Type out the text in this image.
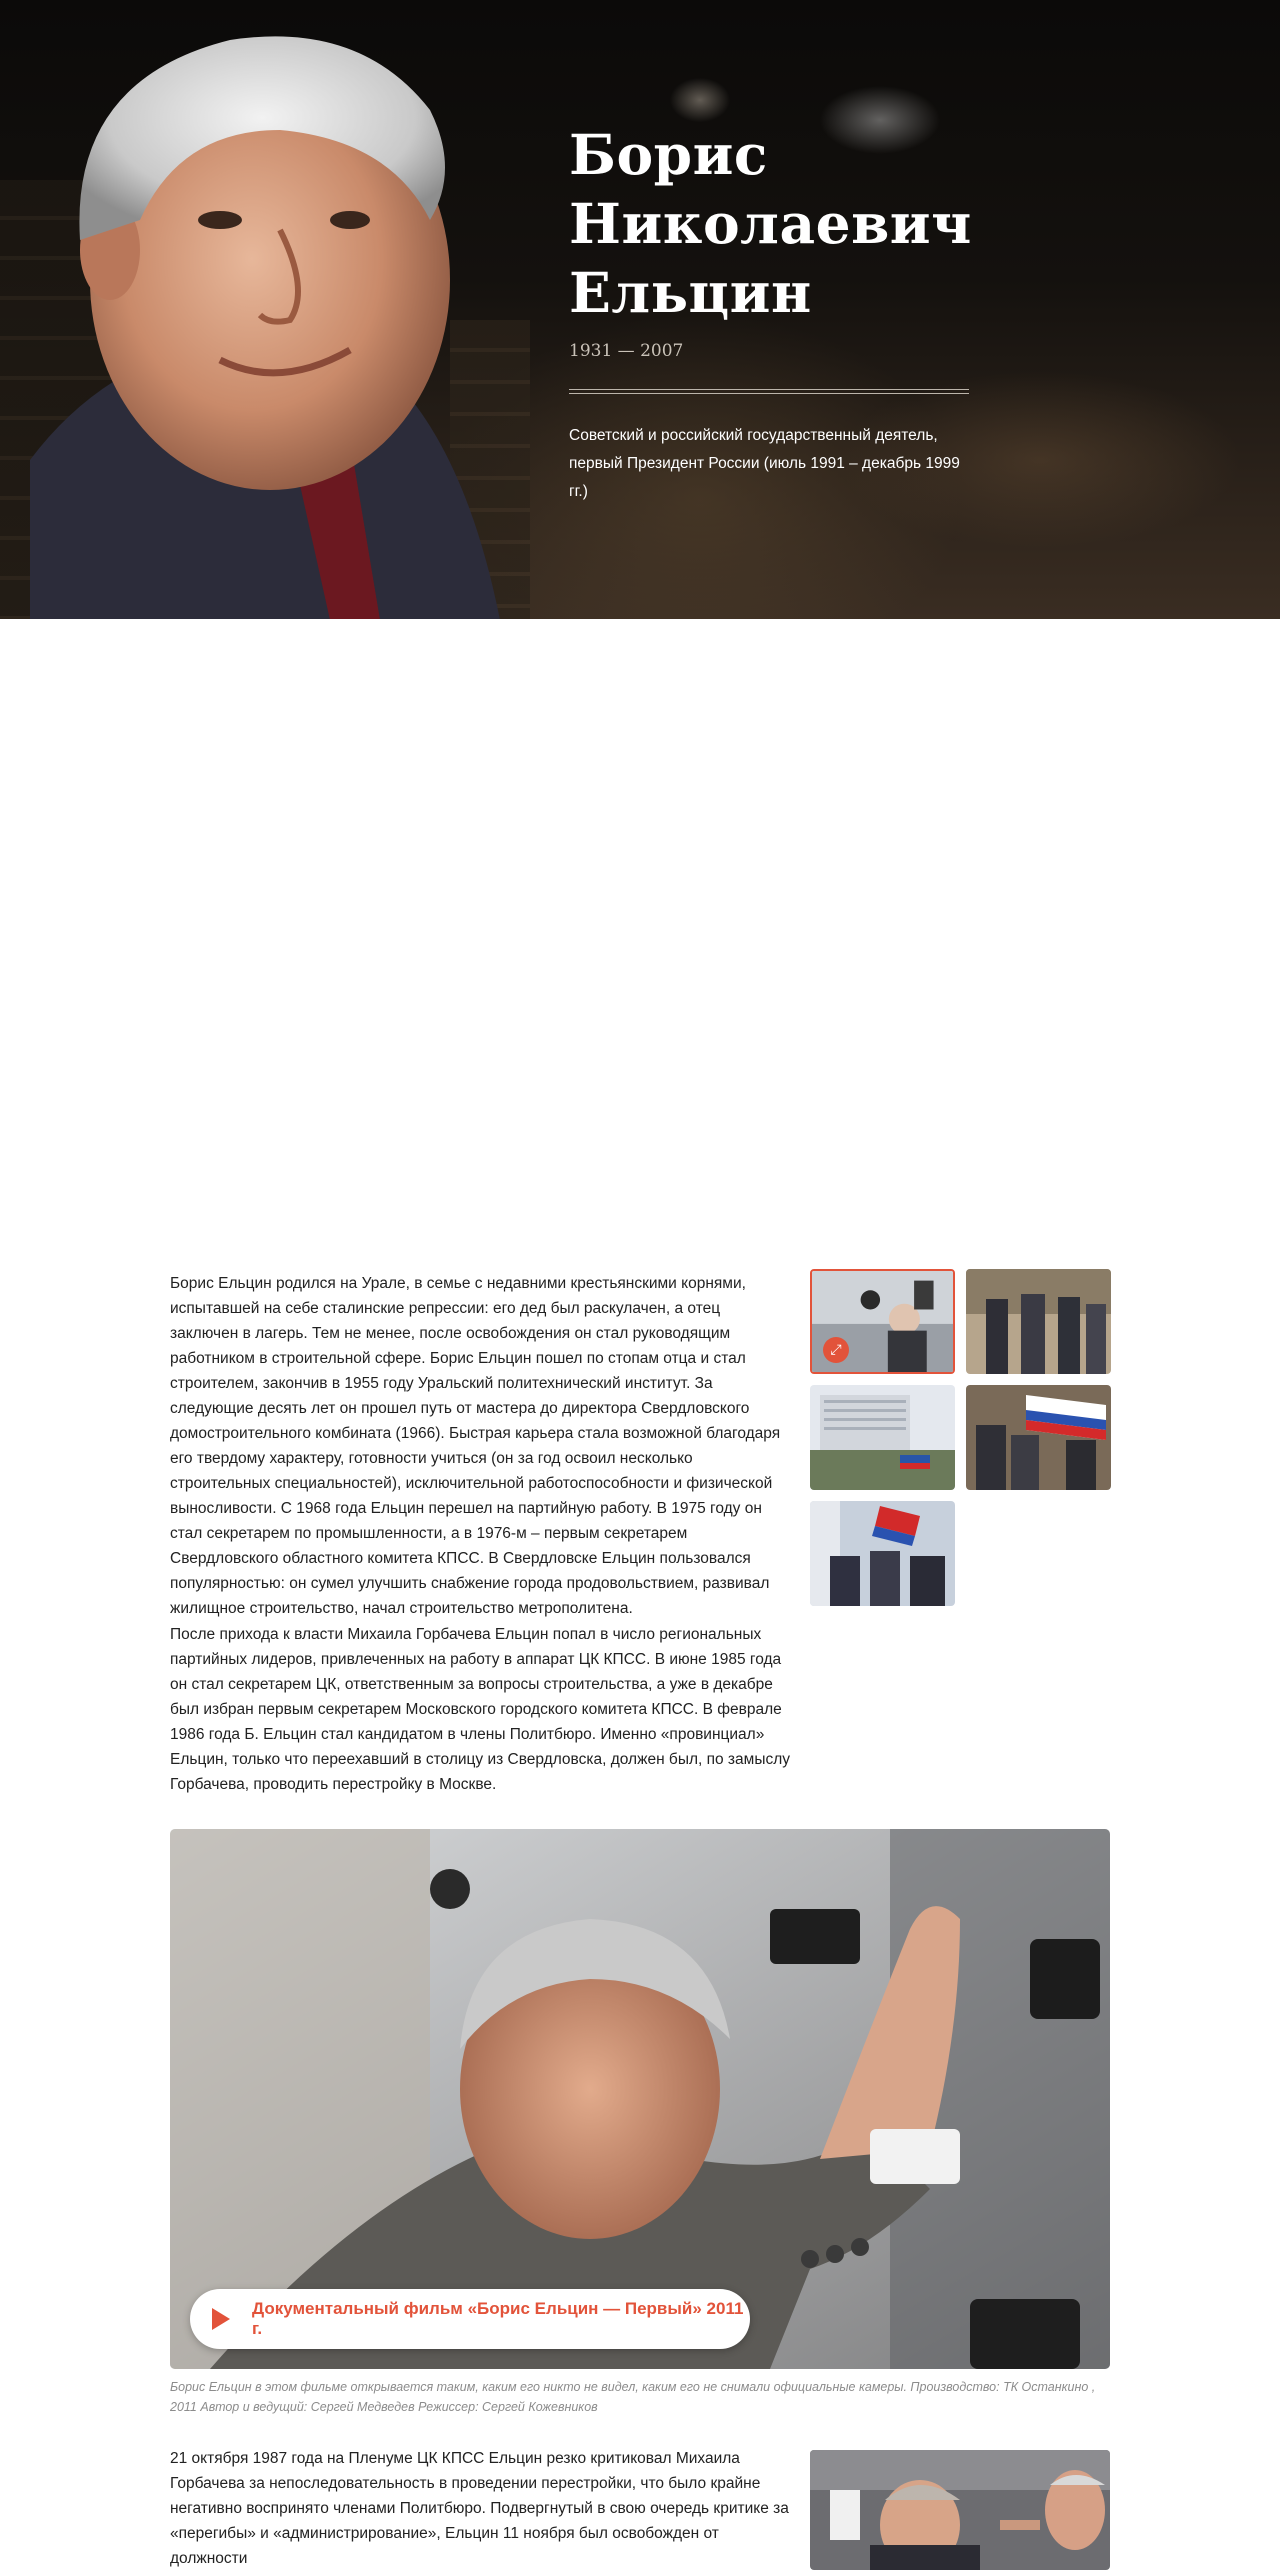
Борис
Николаевич
Ельцин
1931 — 2007
Советский и российский государственный деятель,
первый Президент России (июль 1991 – декабрь 1999 гг.)

Борис Ельцин родился на Урале, в семье с недавними крестьянскими корнями, испытавшей на себе сталинские репрессии: его дед был раскулачен, а отец заключен в лагерь. Тем не менее, после освобождения он стал руководящим работником в строительной сфере. Борис Ельцин пошел по стопам отца и стал строителем, закончив в 1955 году Уральский политехнический институт. За следующие десять лет он прошел путь от мастера до директора Свердловского домостроительного комбината (1966). Быстрая карьера стала возможной благодаря его твердому характеру, готовности учиться (он за год освоил несколько строительных специальностей), исключительной работоспособности и физической выносливости. С 1968 года Ельцин перешел на партийную работу. В 1975 году он стал секретарем по промышленности, а в 1976-м – первым секретарем Свердловского областного комитета КПСС. В Свердловске Ельцин пользовался популярностью: он сумел улучшить снабжение города продовольствием, развивал жилищное строительство, начал строительство метрополитена.

После прихода к власти Михаила Горбачева Ельцин попал в число региональных партийных лидеров, привлеченных на работу в аппарат ЦК КПСС. В июне 1985 года он стал секретарем ЦК, ответственным за вопросы строительства, а уже в декабре был избран первым секретарем Московского городского комитета КПСС. В феврале 1986 года Б. Ельцин стал кандидатом в члены Политбюро. Именно «провинциал» Ельцин, только что переехавший в столицу из Свердловска, должен был, по замыслу Горбачева, проводить перестройку в Москве.

⤢
Документальный фильм «Борис Ельцин — Первый» 2011 г.
Борис Ельцин в этом фильме открывается таким, каким его никто не видел, каким его не снимали официальные камеры. Производство: ТК Останкино , 2011 Автор и ведущий: Сергей Медведев Режиссер: Сергей Кожевников

21 октября 1987 года на Пленуме ЦК КПСС Ельцин резко критиковал Михаила Горбачева за непоследовательность в проведении перестройки, что было крайне негативно воспринято членами Политбюро. Подвергнутый в свою очередь критике за «перегибы» и «администрирование», Ельцин 11 ноября был освобожден от должности
